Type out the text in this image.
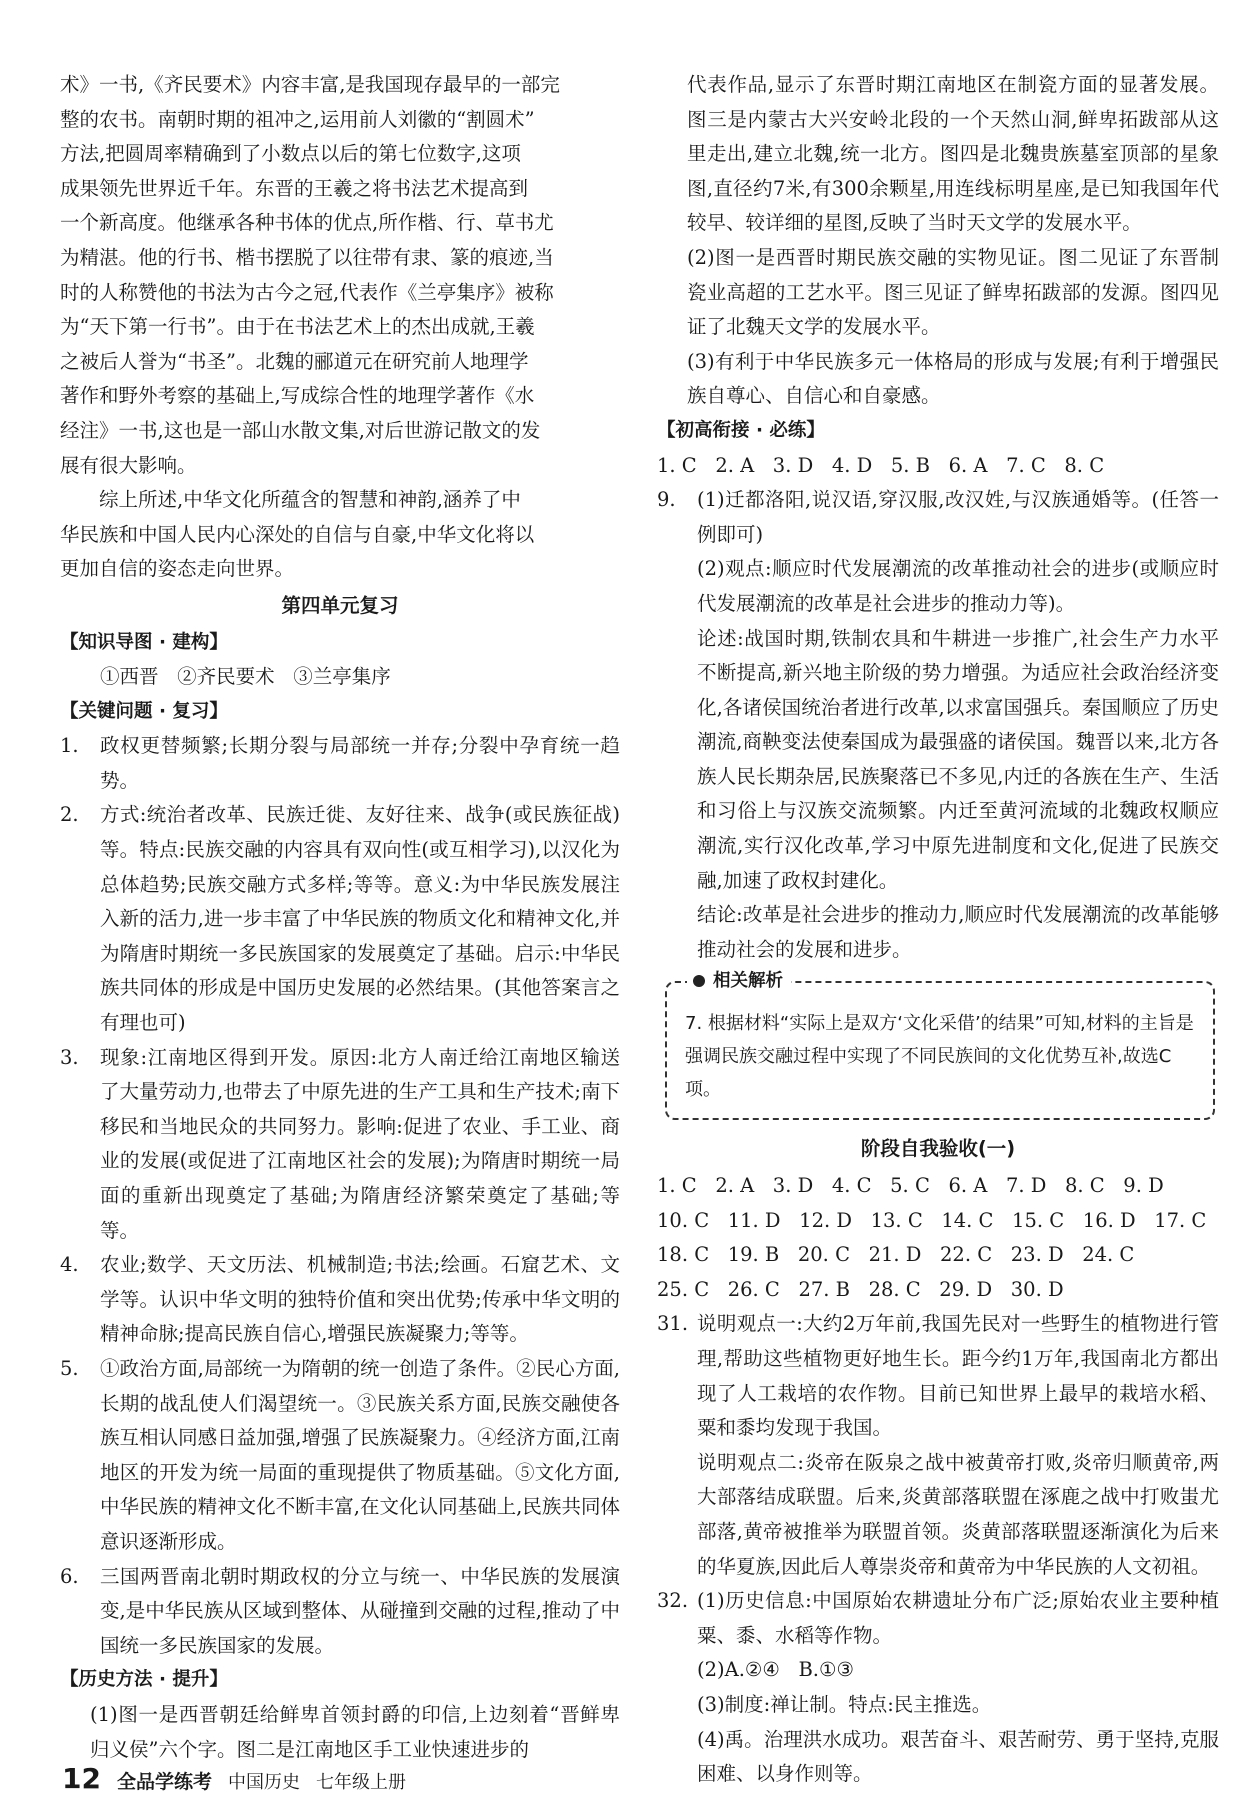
术》一书,《齐民要术》内容丰富,是我国现存最早的一部完
整的农书。南朝时期的祖冲之,运用前人刘徽的“割圆术”
方法,把圆周率精确到了小数点以后的第七位数字,这项
成果领先世界近千年。东晋的王羲之将书法艺术提高到
一个新高度。他继承各种书体的优点,所作楷、行、草书尤
为精湛。他的行书、楷书摆脱了以往带有隶、篆的痕迹,当
时的人称赞他的书法为古今之冠,代表作《兰亭集序》被称
为“天下第一行书”。由于在书法艺术上的杰出成就,王羲
之被后人誉为“书圣”。北魏的郦道元在研究前人地理学
著作和野外考察的基础上,写成综合性的地理学著作《水
经注》一书,这也是一部山水散文集,对后世游记散文的发
展有很大影响。
综上所述,中华文化所蕴含的智慧和神韵,涵养了中
华民族和中国人民内心深处的自信与自豪,中华文化将以
更加自信的姿态走向世界。
第四单元复习
【知识导图 · 建构】
①西晋   ②齐民要术   ③兰亭集序
【关键问题 · 复习】
1. 政权更替频繁;长期分裂与局部统一并存;分裂中孕育统一趋势。
2. 方式:统治者改革、民族迁徙、友好往来、战争(或民族征战)等。特点:民族交融的内容具有双向性(或互相学习),以汉化为总体趋势;民族交融方式多样;等等。意义:为中华民族发展注入新的活力,进一步丰富了中华民族的物质文化和精神文化,并为隋唐时期统一多民族国家的发展奠定了基础。启示:中华民族共同体的形成是中国历史发展的必然结果。(其他答案言之有理也可)
3. 现象:江南地区得到开发。原因:北方人南迁给江南地区输送了大量劳动力,也带去了中原先进的生产工具和生产技术;南下移民和当地民众的共同努力。影响:促进了农业、手工业、商业的发展(或促进了江南地区社会的发展);为隋唐时期统一局面的重新出现奠定了基础;为隋唐经济繁荣奠定了基础;等等。
4. 农业;数学、天文历法、机械制造;书法;绘画。石窟艺术、文学等。认识中华文明的独特价值和突出优势;传承中华文明的精神命脉;提高民族自信心,增强民族凝聚力;等等。
5. ①政治方面,局部统一为隋朝的统一创造了条件。②民心方面,长期的战乱使人们渴望统一。③民族关系方面,民族交融使各族互相认同感日益加强,增强了民族凝聚力。④经济方面,江南地区的开发为统一局面的重现提供了物质基础。⑤文化方面,中华民族的精神文化不断丰富,在文化认同基础上,民族共同体意识逐渐形成。
6. 三国两晋南北朝时期政权的分立与统一、中华民族的发展演变,是中华民族从区域到整体、从碰撞到交融的过程,推动了中国统一多民族国家的发展。
【历史方法 · 提升】
(1)图一是西晋朝廷给鲜卑首领封爵的印信,上边刻着“晋鲜卑归义侯”六个字。图二是江南地区手工业快速进步的
代表作品,显示了东晋时期江南地区在制瓷方面的显著发展。图三是内蒙古大兴安岭北段的一个天然山洞,鲜卑拓跋部从这里走出,建立北魏,统一北方。图四是北魏贵族墓室顶部的星象图,直径约7米,有300余颗星,用连线标明星座,是已知我国年代较早、较详细的星图,反映了当时天文学的发展水平。
(2)图一是西晋时期民族交融的实物见证。图二见证了东晋制瓷业高超的工艺水平。图三见证了鲜卑拓跋部的发源。图四见证了北魏天文学的发展水平。
(3)有利于中华民族多元一体格局的形成与发展;有利于增强民族自尊心、自信心和自豪感。
【初高衔接 · 必练】
1. C   2. A   3. D   4. D   5. B   6. A   7. C   8. C
9. (1)迁都洛阳,说汉语,穿汉服,改汉姓,与汉族通婚等。(任答一例即可)
(2)观点:顺应时代发展潮流的改革推动社会的进步(或顺应时代发展潮流的改革是社会进步的推动力等)。
论述:战国时期,铁制农具和牛耕进一步推广,社会生产力水平不断提高,新兴地主阶级的势力增强。为适应社会政治经济变化,各诸侯国统治者进行改革,以求富国强兵。秦国顺应了历史潮流,商鞅变法使秦国成为最强盛的诸侯国。魏晋以来,北方各族人民长期杂居,民族聚落已不多见,内迁的各族在生产、生活和习俗上与汉族交流频繁。内迁至黄河流域的北魏政权顺应潮流,实行汉化改革,学习中原先进制度和文化,促进了民族交融,加速了政权封建化。
结论:改革是社会进步的推动力,顺应时代发展潮流的改革能够推动社会的发展和进步。
相关解析
7. 根据材料“实际上是双方‘文化采借’的结果”可知,材料的主旨是强调民族交融过程中实现了不同民族间的文化优势互补,故选C项。
阶段自我验收(一)
1. C   2. A   3. D   4. C   5. C   6. A   7. D   8. C   9. D
10. C   11. D   12. D   13. C   14. C   15. C   16. D   17. C
18. C   19. B   20. C   21. D   22. C   23. D   24. C
25. C   26. C   27. B   28. C   29. D   30. D
31. 说明观点一:大约2万年前,我国先民对一些野生的植物进行管理,帮助这些植物更好地生长。距今约1万年,我国南北方都出现了人工栽培的农作物。目前已知世界上最早的栽培水稻、粟和黍均发现于我国。
说明观点二:炎帝在阪泉之战中被黄帝打败,炎帝归顺黄帝,两大部落结成联盟。后来,炎黄部落联盟在涿鹿之战中打败蚩尤部落,黄帝被推举为联盟首领。炎黄部落联盟逐渐演化为后来的华夏族,因此后人尊崇炎帝和黄帝为中华民族的人文初祖。
32. (1)历史信息:中国原始农耕遗址分布广泛;原始农业主要种植粟、黍、水稻等作物。
(2)A.②④   B.①③
(3)制度:禅让制。特点:民主推选。
(4)禹。治理洪水成功。艰苦奋斗、艰苦耐劳、勇于坚持,克服困难、以身作则等。
12 全品学练考 中国历史 七年级上册
